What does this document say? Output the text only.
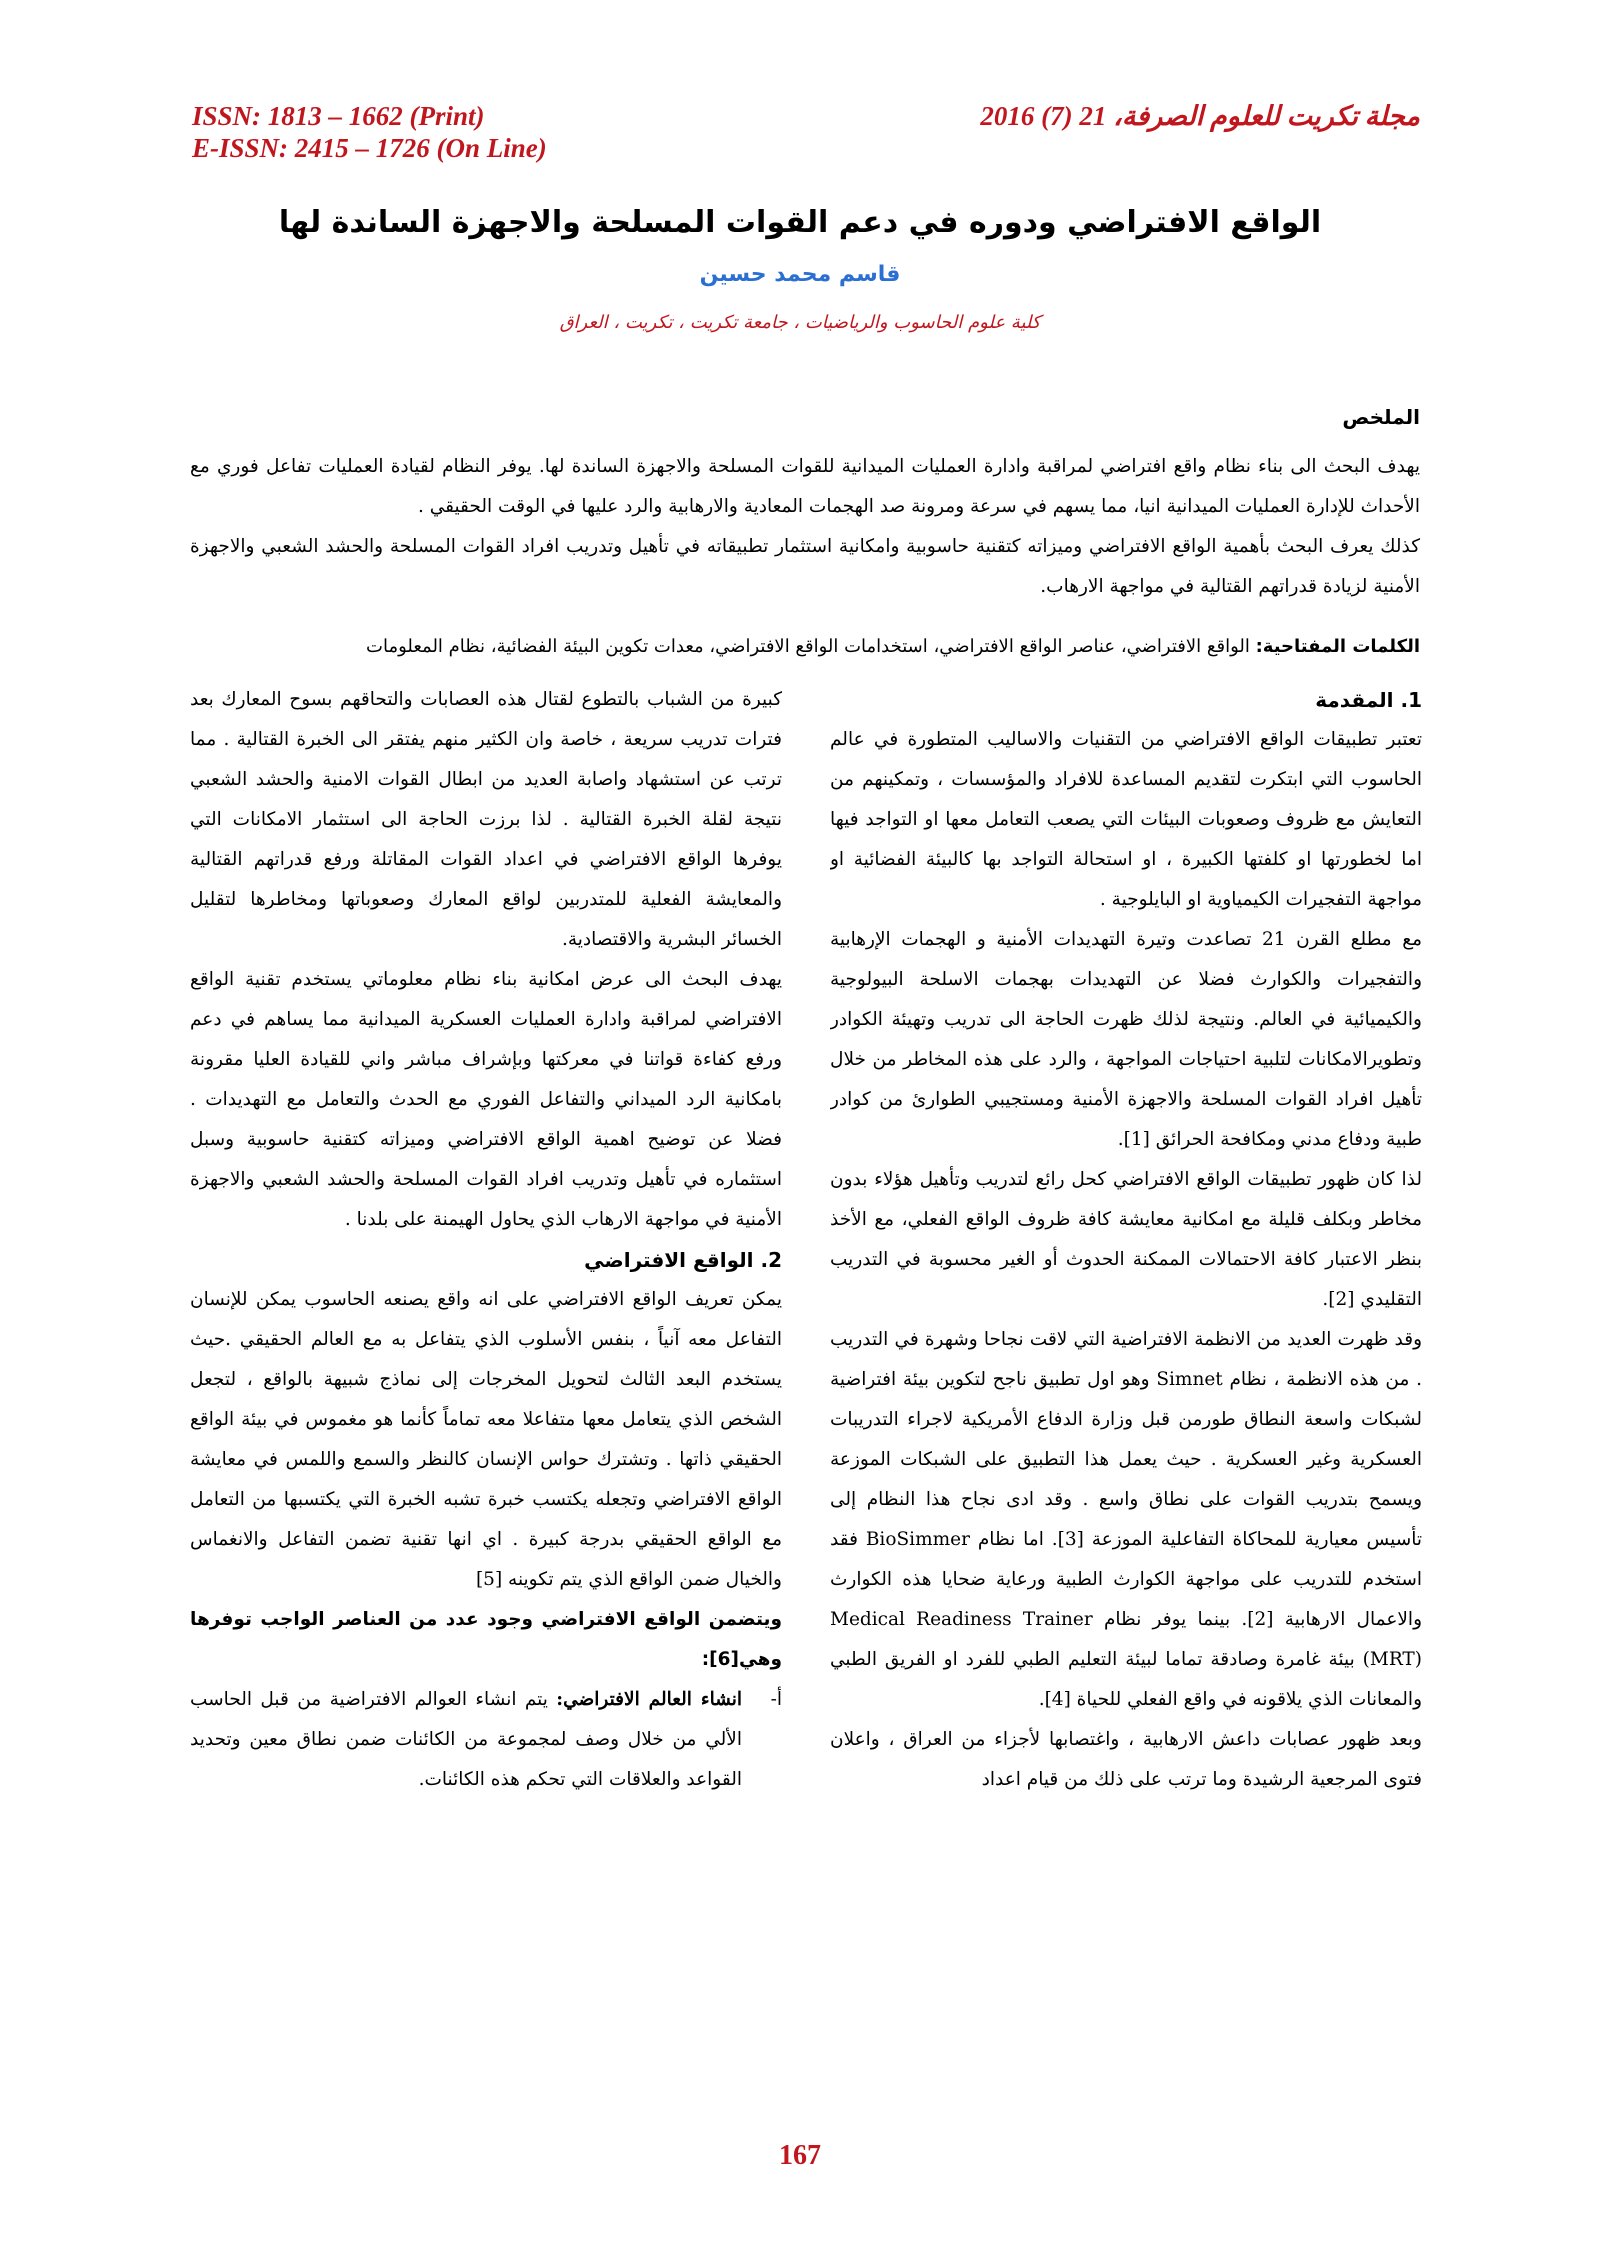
ISSN: 1813 – 1662 (Print)
E-ISSN: 2415 – 1726 (On Line)
مجلة تكريت للعلوم الصرفة، 21 (7) 2016
الواقع الافتراضي ودوره في دعم القوات المسلحة والاجهزة الساندة لها
قاسم محمد حسين
كلية علوم الحاسوب والرياضيات ، جامعة تكريت ، تكريت ، العراق
الملخص

يهدف البحث الى بناء نظام واقع افتراضي لمراقبة وادارة العمليات الميدانية للقوات المسلحة والاجهزة الساندة لها. يوفر النظام لقيادة العمليات تفاعل فوري مع الأحداث للإدارة العمليات الميدانية انيا، مما يسهم في سرعة ومرونة صد الهجمات المعادية والارهابية والرد عليها في الوقت الحقيقي .

كذلك يعرف البحث بأهمية الواقع الافتراضي وميزاته كتقنية حاسوبية وامكانية استثمار تطبيقاته في تأهيل وتدريب افراد القوات المسلحة والحشد الشعبي والاجهزة الأمنية لزيادة قدراتهم القتالية في مواجهة الارهاب.

الكلمات المفتاحية: الواقع الافتراضي، عناصر الواقع الافتراضي، استخدامات الواقع الافتراضي، معدات تكوين البيئة الفضائية، نظام المعلومات

1. المقدمة

تعتبر تطبيقات الواقع الافتراضي من التقنيات والاساليب المتطورة في عالم الحاسوب التي ابتكرت لتقديم المساعدة للافراد والمؤسسات ، وتمكينهم من التعايش مع ظروف وصعوبات البيئات التي يصعب التعامل معها او التواجد فيها اما لخطورتها او كلفتها الكبيرة ، او استحالة التواجد بها كالبيئة الفضائية او مواجهة التفجيرات الكيمياوية او البايلوجية .

مع مطلع القرن 21 تصاعدت وتيرة التهديدات الأمنية و الهجمات الإرهابية والتفجيرات والكوارث فضلا عن التهديدات بهجمات الاسلحة البيولوجية والكيميائية في العالم. ونتيجة لذلك ظهرت الحاجة الى تدريب وتهيئة الكوادر وتطويرالامكانات لتلبية احتياجات المواجهة ، والرد على هذه المخاطر من خلال تأهيل افراد القوات المسلحة والاجهزة الأمنية ومستجيبي الطوارئ من كوادر طبية ودفاع مدني ومكافحة الحرائق [1].

لذا كان ظهور تطبيقات الواقع الافتراضي كحل رائع لتدريب وتأهيل هؤلاء بدون مخاطر وبكلف قليلة مع امكانية معايشة كافة ظروف الواقع الفعلي، مع الأخذ بنظر الاعتبار كافة الاحتمالات الممكنة الحدوث أو الغير محسوبة في التدريب التقليدي [2].

وقد ظهرت العديد من الانظمة الافتراضية التي لاقت نجاحا وشهرة في التدريب . من هذه الانظمة ، نظام Simnet وهو اول تطبيق ناجح لتكوين بيئة افتراضية لشبكات واسعة النطاق طورمن قبل وزارة الدفاع الأمريكية لاجراء التدريبات العسكرية وغير العسكرية . حيث يعمل هذا التطبيق على الشبكات الموزعة ويسمح بتدريب القوات على نطاق واسع . وقد ادى نجاح هذا النظام إلى تأسيس معيارية للمحاكاة التفاعلية الموزعة [3]. اما نظام BioSimmer فقد استخدم للتدريب على مواجهة الكوارث الطبية ورعاية ضحايا هذه الكوارث والاعمال الارهابية [2]. بينما يوفر نظام Medical Readiness Trainer (MRT) بيئة غامرة وصادقة تماما لبيئة التعليم الطبي للفرد او الفريق الطبي والمعانات الذي يلاقونه في واقع الفعلي للحياة [4].

وبعد ظهور عصابات داعش الارهابية ، واغتصابها لأجزاء من العراق ، واعلان فتوى المرجعية الرشيدة وما ترتب على ذلك من قيام اعداد

كبيرة من الشباب بالتطوع لقتال هذه العصابات والتحاقهم بسوح المعارك بعد فترات تدريب سريعة ، خاصة وان الكثير منهم يفتقر الى الخبرة القتالية . مما ترتب عن استشهاد واصابة العديد من ابطال القوات الامنية والحشد الشعبي نتيجة لقلة الخبرة القتالية . لذا برزت الحاجة الى استثمار الامكانات التي يوفرها الواقع الافتراضي في اعداد القوات المقاتلة ورفع قدراتهم القتالية والمعايشة الفعلية للمتدربين لواقع المعارك وصعوباتها ومخاطرها لتقليل الخسائر البشرية والاقتصادية.

يهدف البحث الى عرض امكانية بناء نظام معلوماتي يستخدم تقنية الواقع الافتراضي لمراقبة وادارة العمليات العسكرية الميدانية مما يساهم في دعم ورفع كفاءة قواتنا في معركتها وبإشراف مباشر واني للقيادة العليا مقرونة بامكانية الرد الميداني والتفاعل الفوري مع الحدث والتعامل مع التهديدات . فضلا عن توضيح اهمية الواقع الافتراضي وميزاته كتقنية حاسوبية وسبل استثماره في تأهيل وتدريب افراد القوات المسلحة والحشد الشعبي والاجهزة الأمنية في مواجهة الارهاب الذي يحاول الهيمنة على بلدنا .

2. الواقع الافتراضي

يمكن تعريف الواقع الافتراضي على انه واقع يصنعه الحاسوب يمكن للإنسان التفاعل معه آنياً ، بنفس الأسلوب الذي يتفاعل به مع العالم الحقيقي .حيث يستخدم البعد الثالث لتحويل المخرجات إلى نماذج شبيهة بالواقع ، لتجعل الشخص الذي يتعامل معها متفاعلا معه تماماً كأنما هو مغموس في بيئة الواقع الحقيقي ذاتها . وتشترك حواس الإنسان كالنظر والسمع واللمس في معايشة الواقع الافتراضي وتجعله يكتسب خبرة تشبه الخبرة التي يكتسبها من التعامل مع الواقع الحقيقي بدرجة كبيرة . اي انها تقنية تضمن التفاعل والانغماس والخيال ضمن الواقع الذي يتم تكوينه [5]

ويتضمن الواقع الافتراضي وجود عدد من العناصر الواجب توفرها وهي[6]:

أ-
انشاء العالم الافتراضي: يتم انشاء العوالم الافتراضية من قبل الحاسب الألي من خلال وصف لمجموعة من الكائنات ضمن نطاق معين وتحديد القواعد والعلاقات التي تحكم هذه الكائنات.
167
